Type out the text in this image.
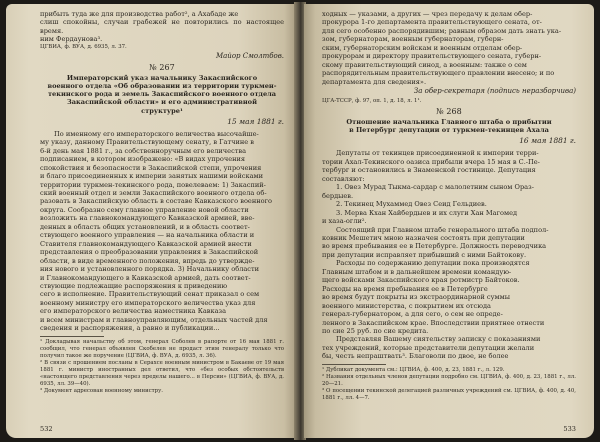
прибыть туда же для производства работ², а Ахабаде же

слиш спокойны, случаи грабежей не повторились по настоящее время.

ним Фердаунова³.

ЦГВИА, ф. ВУА, д. 6935, л. 37.

Майор Смолтбов.

№ 267

Императорский указ начальнику Закаспийского

военного отдела «Об образовании из территории туркмен-

текинского рода и земель Закаспийского военного отдела

Закаспийской области» и его административной

структуре¹

15 мая 1881 г.

По именному его императорского величества высочайше-

му указу, данному Правительствующему сенату, в Гатчине в

6-й день мая 1881 г., за собственноручным его величества

подписанием, в котором изображено: «В видах упрочения

спокойствия и безопасности в Закаспийской степи, упрочения

и благо присоединенных к империи занятых нашими войсками

территории туркмен-текинского рода, повелеваем: 1) Закаспий-

ский военный отдел и земли Закаспийского военного отдела об-

разовать в Закаспийскую область в составе Кавказского военного

округа. Сообразно сему главное управление новой области

возложить на главнокомандующего Кавказской армией, вве-

денных в область общих установлений, и в область соответ-

ствующего военного управления — на начальника области и

Ставителя главнокомандующего Кавказской армией внести

представления о преобразовании управления в Закаспийской

области, в виде временного положения, впредь до утвержде-

ния нового и установленного порядка. 3) Начальнику области

и Главнокомандующего в Кавказской армией, дать соответ-

ствующие подлежащие распоряжения к приведению

сего в исполнение. Правительствующий сенат приказал о сем

военному министру его императорского величества указ для

его императорского величества наместника Кавказа

и всем министрам и главноуправляющим, отдельных частей для

сведения и распоряжения, а равно и публикации...

¹ Докладывая начальству об этом, генерал Соболев в рапорте от 16 мая 1881 г. сообщил, что генерал объявлен Скобелев не продаст этим генералу только что получил такое же поручение (ЦГВИА, ф. ВУА, д. 6935, л. 36).

² В связи с прошением посланы в Серахсе военным министром в Бакаеве от 19 мая 1881 г. министр иностранных дел ответил, что «без особых обстоятельств «настоящего представления через пределы нашего... в Персии» (ЦГВИА, ф. ВУА, д. 6935, лл. 39—40).

³ Документ адресован военному министру.

532

ходных — указами, а других — чрез передачу к делам обер-

прокурора 1-го департамента правительствующего сената, от-

для сего особенно распорядившим; равным образом дать знать ука-

зом, губернаторам, военным губернаторам, губерн-

ским, губернаторским войскам и военным отделам обер-

прокурорам и директору правительствующего сената, губерн-

скому правительствующий синод, а военным: также о сем

распорядительным правительствующего правлении внесено; и по

департамента для сведения».

За обер-секретаря (подпись неразборчива)

ЦГА-ТССР, ф. 97, оп. 1, д. 18, л. 1¹.

№ 268

Отношение начальника Главного штаба о прибытии

в Петербург депутации от туркмен-текинцев Ахала

16 мая 1881 г.

Депутаты от текинцев присоединенной к империи терри-

тории Ахал-Текинского оазиса прибыли вчера 15 мая в С.-Пе-

тербург и остановились в Знаменской гостинице. Депутация

составляют:

1. Овез Мурад Тыкма-сардар с малолетним сыном Ораз-

бердыев.

2. Текинец Мухаммед Овез Сеид Гельдиев.

3. Мерва Кхан Хайбердыев и их слуги Хан Магомед

и хаза-огли².

Состоящий при Главном штабе генерального штаба подпол-

ковник Мешетич мною назначен состоять при депутации

во время пребывания ее в Петербурге. Должность переводчика

при депутации исправляет прибывший с ними Байтокову.

Расходы по содержанию депутации пока производятся

Главным штабом и в дальнейшем времени командую-

щего войсками Закаспийского края ротмистр Байтоков.

Расходы на время пребывания ее в Петербурге

во время будут покрыты из экстраординарной суммы

военного министерства, с покрытием их отсюда

генерал-губернатором, а для сего, о сем не опреде-

ленного в Закаспийском крае. Впоследствии приятнее отнести

по сие 25 руб. по сие кредита.

Представляя Вашему сиятельству записку с показаниями

тех учреждений, которые представители депутации желали

бы, честь непраштвать³. Благоволи по двое, не более

¹ Дубликат документа см.: ЦГВИА, ф. 400, д. 23, 1881 г., л. 129.

² Названия отдельных членов депутации подробно см. ЦГВИА, ф. 400, д. 23, 1881 г., лл. 20—21.

³ О посещении текинской делегацией различных учреждений см. ЦГВИА, ф. 400, д. 40, 1881 г., лл. 4—7.

533
